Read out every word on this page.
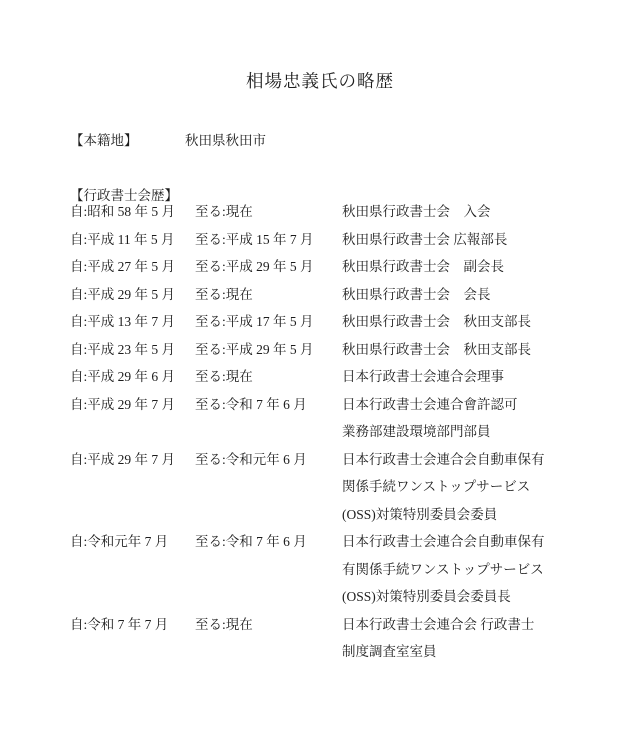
相場忠義氏の略歴
【本籍地】	秋田県秋田市
【行政書士会歴】
自:昭和 58 年 5 月	至る:現在	秋田県行政書士会　入会
自:平成 11 年 5 月	至る:平成 15 年 7 月	秋田県行政書士会 広報部長
自:平成 27 年 5 月	至る:平成 29 年 5 月	秋田県行政書士会　副会長
自:平成 29 年 5 月	至る:現在	秋田県行政書士会　会長
自:平成 13 年 7 月	至る:平成 17 年 5 月	秋田県行政書士会　秋田支部長
自:平成 23 年 5 月	至る:平成 29 年 5 月	秋田県行政書士会　秋田支部長
自:平成 29 年 6 月	至る:現在	日本行政書士会連合会理事
自:平成 29 年 7 月	至る:令和 7 年 6 月	日本行政書士会連合會許認可
業務部建設環境部門部員
自:平成 29 年 7 月	至る:令和元年 6 月	日本行政書士会連合会自動車保有
関係手続ワンストップサービス
(OSS)対策特別委員会委員
自:令和元年 7 月	至る:令和 7 年 6 月	日本行政書士会連合会自動車保有
有関係手続ワンストップサービス
(OSS)対策特別委員会委員長
自:令和 7 年 7 月	至る:現在	日本行政書士会連合会 行政書士
制度調査室室員
